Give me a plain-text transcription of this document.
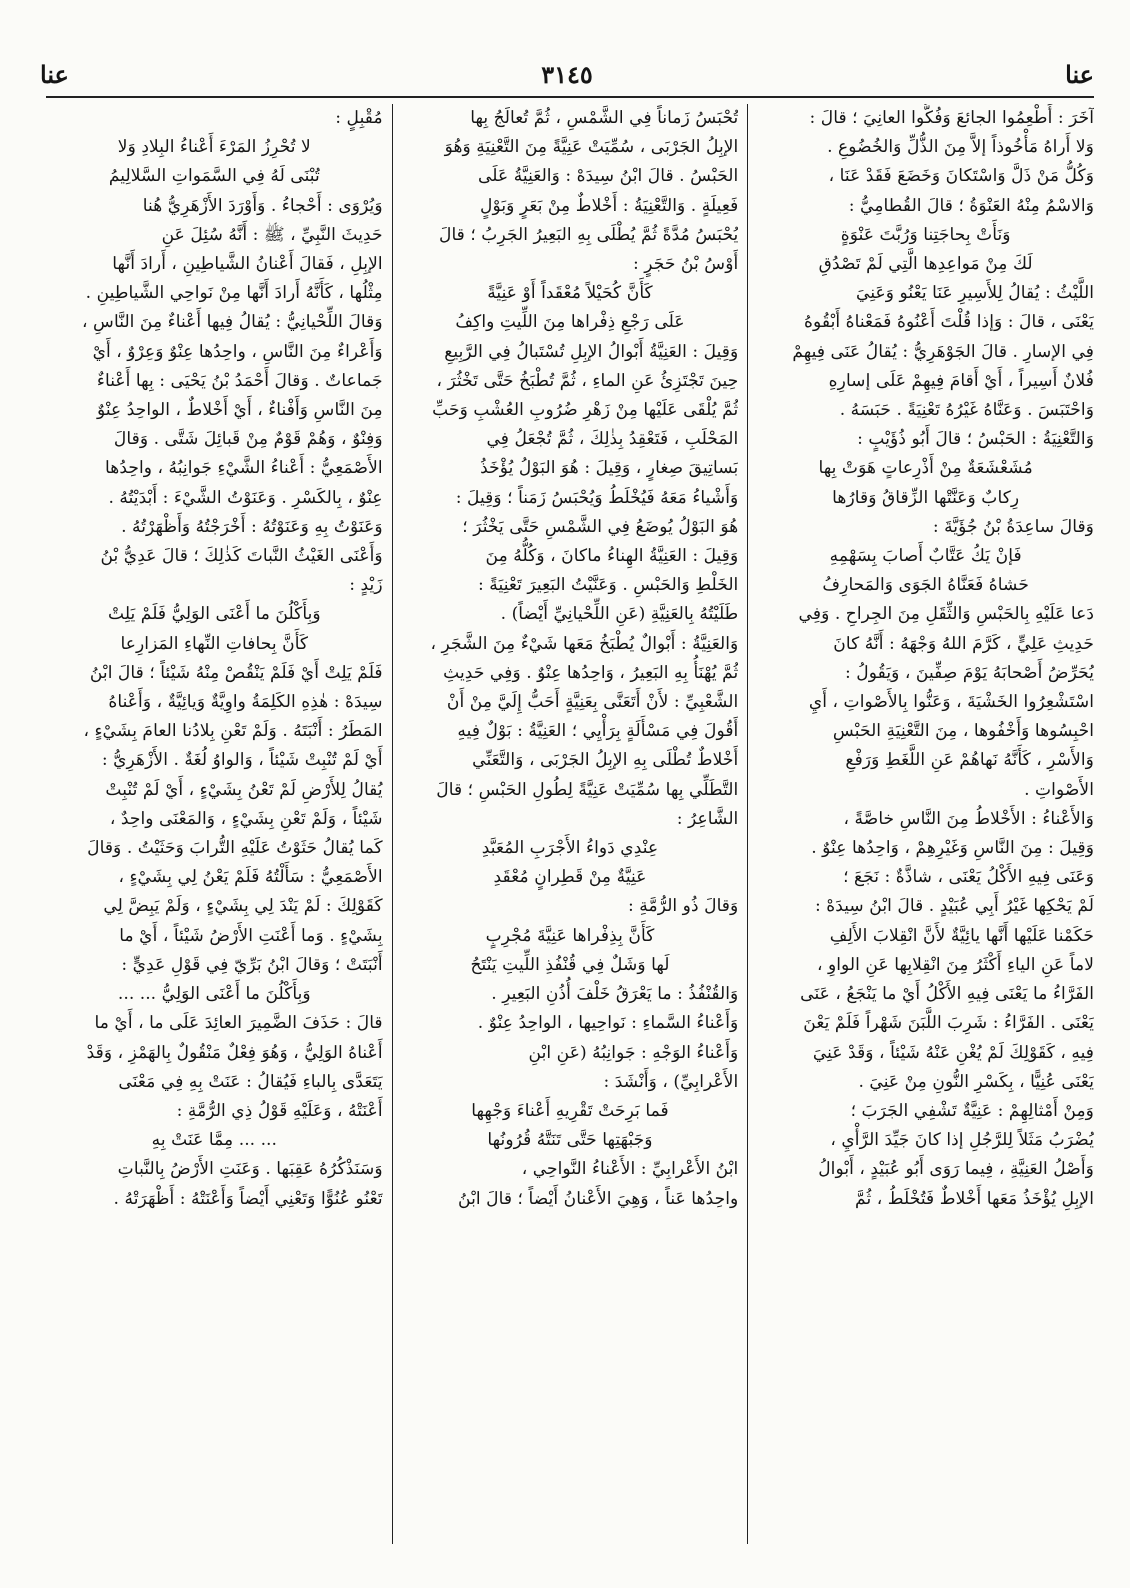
عنا
٣١٤٥
عنا

آخَرَ : أَطْعِمُوا الجائعَ وَفُكُّوا العانِيَ ؛ قالَ :

وَلا أَراهُ مَأْخُوذاً إلاَّ مِنَ الذُّلِّ وَالخُضُوعِ .

وَكُلُّ مَنْ ذَلَّ وَاسْتَكانَ وَخَضَعَ فَقَدْ عَنَا ،

وَالاسْمُ مِنْهُ العَنْوَةُ ؛ قالَ القُطامِيُّ :

وَنَأَتْ بِحاجَتِنا وَرُبَّتَ عَنْوَةٍ

لَكَ مِنْ مَواعِدِها الَّتِي لَمْ تَصْدُقِ

اللَّيْثُ : يُقالُ لِلأَسِيرِ عَنَا يَعْنُو وَعَنِيَ

يَعْنَى ، قالَ : وَإذا قُلْتَ أَعْنُوهُ فَمَعْناهُ أَبْقُوهُ

فِي الإسارِ . قالَ الجَوْهَرِيُّ : يُقالُ عَنَى فِيهِمْ

فُلانٌ أَسِيراً ، أَيْ أَقامَ فِيهِمْ عَلَى إسارِهِ

وَاحْتَبَسَ . وَعَنَّاهُ غَيْرُهُ تَعْنِيَةً . حَبَسَهُ .

وَالتَّعْنِيَةُ : الحَبْسُ ؛ قالَ أَبُو ذُؤَيْبٍ :

مُشَعْشَعَةٌ مِنْ أَذْرِعاتٍ هَوَتْ بِها

رِكابٌ وَعَنَّتْها الزِّقاقُ وَقارُها

وَقالَ ساعِدَةُ بْنُ جُؤَيَّةَ :

فَإنْ يَكُ عَتَّابٌ أَصابَ بِسَهْمِهِ

حَشاهُ فَعَنَّاهُ الجَوَى وَالمَحارِفُ

دَعا عَلَيْهِ بِالحَبْسِ وَالثِّقَلِ مِنَ الجِراحِ . وَفِي

حَدِيثِ عَلِيٍّ ، كَرَّمَ اللهُ وَجْهَهُ : أَنَّهُ كانَ

يُحَرِّضُ أَصْحابَهُ يَوْمَ صِفِّينَ ، وَيَقُولُ :

اسْتَشْعِرُوا الخَشْيَةَ ، وَعَنُّوا بِالأَصْواتِ ، أَيِ

احْبِسُوها وَأَخْفُوها ، مِنَ التَّعْنِيَةِ الحَبْسِ

وَالأَسْرِ ، كَأَنَّهُ نَهاهُمْ عَنِ اللَّغَطِ وَرَفْعِ

الأَصْواتِ .

وَالأَعْناءُ : الأَخْلاطُ مِنَ النَّاسِ خاصَّةً ،

وَقِيلَ : مِنَ النَّاسِ وَغَيْرِهِمْ ، وَاحِدُها عِنْوٌ .

وَعَنَى فِيهِ الأَكْلُ يَعْنَى ، شاذَّةٌ : نَجَعَ ؛

لَمْ يَحْكِها غَيْرُ أَبِي عُبَيْدٍ . قالَ ابْنُ سِيدَهْ :

حَكَمْنا عَلَيْها أَنَّها يائِيَّةٌ لأَنَّ انْقِلابَ الأَلِفِ

لاماً عَنِ الياءِ أَكْثَرُ مِنَ انْقِلابِها عَنِ الواوِ ،

الفَرَّاءُ ما يَعْنَى فِيهِ الأَكْلُ أَيْ ما يَنْجَعُ ، عَنَى

يَعْنَى . الفَرَّاءُ : شَرِبَ اللَّبَنَ شَهْراً فَلَمْ يَعْنَ

فِيهِ ، كَقَوْلِكَ لَمْ يُغْنِ عَنْهُ شَيْئاً ، وَقَدْ عَنِيَ

يَعْنَى عُنِيًّا ، بِكَسْرِ النُّونِ مِنْ عَنِيَ .

وَمِنْ أَمْثالِهِمْ : عَنِيَّةٌ تَشْفِي الجَرَبَ ؛

يُضْرَبُ مَثَلاً لِلرَّجُلِ إذا كانَ جَيِّدَ الرَّأْيِ ،

وَأَصْلُ العَنِيَّةِ ، فِيما رَوَى أَبُو عُبَيْدٍ ، أَبْوالُ

الإبِلِ يُؤْخَذُ مَعَها أَخْلاطٌ فَتُخْلَطُ ، ثُمَّ

تُحْبَسُ زَماناً فِي الشَّمْسِ ، ثُمَّ تُعالَجُ بِها

الإبِلُ الجَرْبَى ، سُمِّيَتْ عَنِيَّةً مِنَ التَّعْنِيَةِ وَهُوَ

الحَبْسُ . قالَ ابْنُ سِيدَهْ : وَالعَنِيَّةُ عَلَى

فَعِيلَةٍ . وَالتَّعْنِيَةُ : أَخْلاطٌ مِنْ بَعَرٍ وَبَوْلٍ

يُحْبَسُ مُدَّةً ثُمَّ يُطْلَى بِهِ البَعِيرُ الجَرِبُ ؛ قالَ

أَوْسُ بْنُ حَجَرٍ :

كَأَنَّ كُحَيْلاً مُعْقَداً أَوْ عَنِيَّةً

عَلَى رَجْعِ ذِفْراها مِنَ اللِّيتِ واكِفُ

وَقِيلَ : العَنِيَّةُ أَبْوالُ الإبِلِ تُسْتَبالُ فِي الرَّبِيعِ

حِينَ تَجْتَزِئُ عَنِ الماءِ ، ثُمَّ تُطْبَخُ حَتَّى تَخْثُرَ ،

ثُمَّ يُلْقَى عَلَيْها مِنْ زَهْرِ ضُرُوبِ العُشْبِ وَحَبِّ

المَحْلَبِ ، فَتَعْقِدُ بِذٰلِكَ ، ثُمَّ تُجْعَلُ فِي

بَساتِيقَ صِغارٍ ، وَقِيلَ : هُوَ البَوْلُ يُؤْخَذُ

وَأَشْياءُ مَعَهُ فَيُخْلَطُ وَيُحْبَسُ زَمَناً ؛ وَقِيلَ :

هُوَ البَوْلُ يُوضَعُ فِي الشَّمْسِ حَتَّى يَخْثُرَ ؛

وَقِيلَ : العَنِيَّةُ الهِناءُ ماكانَ ، وَكُلُّهُ مِنَ

الخَلْطِ وَالحَبْسِ . وَعَنَّيْتُ البَعِيرَ تَعْنِيَةً :

طَلَيْتُهُ بِالعَنِيَّةِ (عَنِ اللِّحْيانِيِّ أَيْضاً) .

وَالعَنِيَّةُ : أَبْوالٌ يُطْبَخُ مَعَها شَيْءٌ مِنَ الشَّجَرِ ،

ثُمَّ يُهْنَأُ بِهِ البَعِيرُ ، وَاحِدُها عِنْوٌ . وَفِي حَدِيثِ

الشَّعْبِيِّ : لأَنْ أَتَعَنَّى بِعَنِيَّةٍ أَحَبُّ إِلَيَّ مِنْ أَنْ

أَقُولَ فِي مَسْأَلَةٍ بِرَأْيِي ؛ العَنِيَّةُ : بَوْلٌ فِيهِ

أَخْلاطٌ تُطْلَى بِهِ الإبِلُ الجَرْبَى ، وَالتَّعَنِّي

التَّطَلِّي بِها سُمِّيَتْ عَنِيَّةً لِطُولِ الحَبْسِ ؛ قالَ

الشَّاعِرُ :

عِنْدِي دَواءُ الأَجْرَبِ المُعَبَّدِ

عَنِيَّةٌ مِنْ قَطِرانٍ مُعْقَدِ

وَقالَ ذُو الرُّمَّةِ :

كَأَنَّ بِذِفْراها عَنِيَّةَ مُجْرِبٍ

لَها وَشَلٌ فِي قُنْفُذِ اللِّيتِ يَنْتَحُ

وَالقُنْفُذُ : ما يَعْرَقُ خَلْفَ أُذُنِ البَعِيرِ .

وَأَعْناءُ السَّماءِ : نَواحِيها ، الواحِدُ عِنْوٌ .

وَأَعْناءُ الوَجْهِ : جَوانِبُهُ (عَنِ ابْنِ

الأَعْرابِيِّ) ، وَأَنْشَدَ :

فَما بَرِحَتْ تَقْرِيهِ أَعْناءَ وَجْهِها

وَجَبْهَتِها حَتَّى تَنَتَّهُ قُرُونُها

ابْنُ الأَعْرابِيِّ : الأَعْناءُ النَّواحِي ،

واحِدُها عَناً ، وَهِيَ الأَعْنانُ أَيْضاً ؛ قالَ ابْنُ

مُقْبِلٍ :

لا تُحْرِزُ المَرْءَ أَعْناءُ البِلادِ وَلا

تُبْنَى لَهُ فِي السَّمَواتِ السَّلالِيمُ

وَيُرْوَى : أَحْجاءُ . وَأَوْرَدَ الأَزْهَرِيُّ هُنا

حَدِيثَ النَّبِيِّ ، ﷺ : أَنَّهُ سُئِلَ عَنِ

الإبِلِ ، فَقالَ أَعْنانُ الشَّياطِينِ ، أَرادَ أَنَّها

مِثْلُها ، كَأَنَّهُ أَرادَ أَنَّها مِنْ نَواحِي الشَّياطِينِ .

وَقالَ اللِّحْيانِيُّ : يُقالُ فِيها أَعْناءٌ مِنَ النَّاسِ ،

وَأَعْراءٌ مِنَ النَّاسِ ، واحِدُها عِنْوٌ وَعِرْوٌ ، أَيْ

جَماعاتٌ . وَقالَ أَحْمَدُ بْنُ يَحْيَى : بِها أَعْناءٌ

مِنَ النَّاسِ وَأَفْناءٌ ، أَيْ أَخْلاطٌ ، الواحِدُ عِنْوٌ

وَفِنْوٌ ، وَهُمْ قَوْمٌ مِنْ قَبائِلَ شَتَّى . وَقالَ

الأَصْمَعِيُّ : أَعْناءُ الشَّيْءِ جَوانِبُهُ ، واحِدُها

عِنْوٌ ، بِالكَسْرِ . وَعَنَوْتُ الشَّيْءَ : أَبْدَيْتُهُ .

وَعَنَوْتُ بِهِ وَعَنَوْتُهُ : أَخْرَجْتُهُ وَأَظْهَرْتُهُ .

وَأَعْنَى الغَيْثُ النَّباتَ كَذٰلِكَ ؛ قالَ عَدِيُّ بْنُ

زَيْدٍ :

وَبِأَكْلُنَ ما أَعْنَى الوَلِيُّ فَلَمْ يَلِتْ

كَأَنَّ بِحافاتِ النِّهاءِ المَزارِعا

فَلَمْ يَلِتْ أَيْ فَلَمْ يَنْقُصْ مِنْهُ شَيْئاً ؛ قالَ ابْنُ

سِيدَهْ : هٰذِهِ الكَلِمَةُ واوِيَّةٌ وَيائِيَّةٌ ، وَأَعْناهُ

المَطَرُ : أَنْبَتَهُ . وَلَمْ تَعْنِ بِلادُنا العامَ بِشَيْءٍ ،

أَيْ لَمْ تُنْبِتْ شَيْئاً ، وَالواوُ لُغَةٌ . الأَزْهَرِيُّ :

يُقالُ لِلأَرْضِ لَمْ تَعْنُ بِشَيْءٍ ، أَيْ لَمْ تُنْبِتْ

شَيْئاً ، وَلَمْ تَعْنِ بِشَيْءٍ ، وَالمَعْنَى واحِدٌ ،

كَما يُقالُ حَثَوْتُ عَلَيْهِ التُّرابَ وَحَثَيْتُ . وَقالَ

الأَصْمَعِيُّ : سَأَلْتُهُ فَلَمْ يَعْنُ لِي بِشَيْءٍ ،

كَقَوْلِكَ : لَمْ يَنْدَ لِي بِشَيْءٍ ، وَلَمْ يَبِضَّ لِي

بِشَيْءٍ . وَما أَعْنَتِ الأَرْضُ شَيْئاً ، أَيْ ما

أَنْبَتَتْ ؛ وَقالَ ابْنُ بَرِّيّ فِي قَوْلِ عَدِيٍّ :

وَبِأَكْلُنَ ما أَعْنَى الوَلِيُّ ... ...

قالَ : حَذَفَ الضَّمِيرَ العائِدَ عَلَى ما ، أَيْ ما

أَعْناهُ الوَلِيُّ ، وَهُوَ فِعْلٌ مَنْقُولٌ بِالهَمْزِ ، وَقَدْ

يَتَعَدَّى بِالباءِ فَيُقالُ : عَنَتْ بِهِ فِي مَعْنَى

أَعْنَتْهُ ، وَعَلَيْهِ قَوْلُ ذِي الرُّمَّةِ :

... ... مِمَّا عَنَتْ بِهِ

وَسَنَذْكُرُهُ عَقِبَها . وَعَنَتِ الأَرْضُ بِالنَّباتِ

تَعْنُو عُنُوًّا وَتَعْنِي أَيْضاً وَأَعْنَتْهُ : أَظْهَرَتْهُ .
